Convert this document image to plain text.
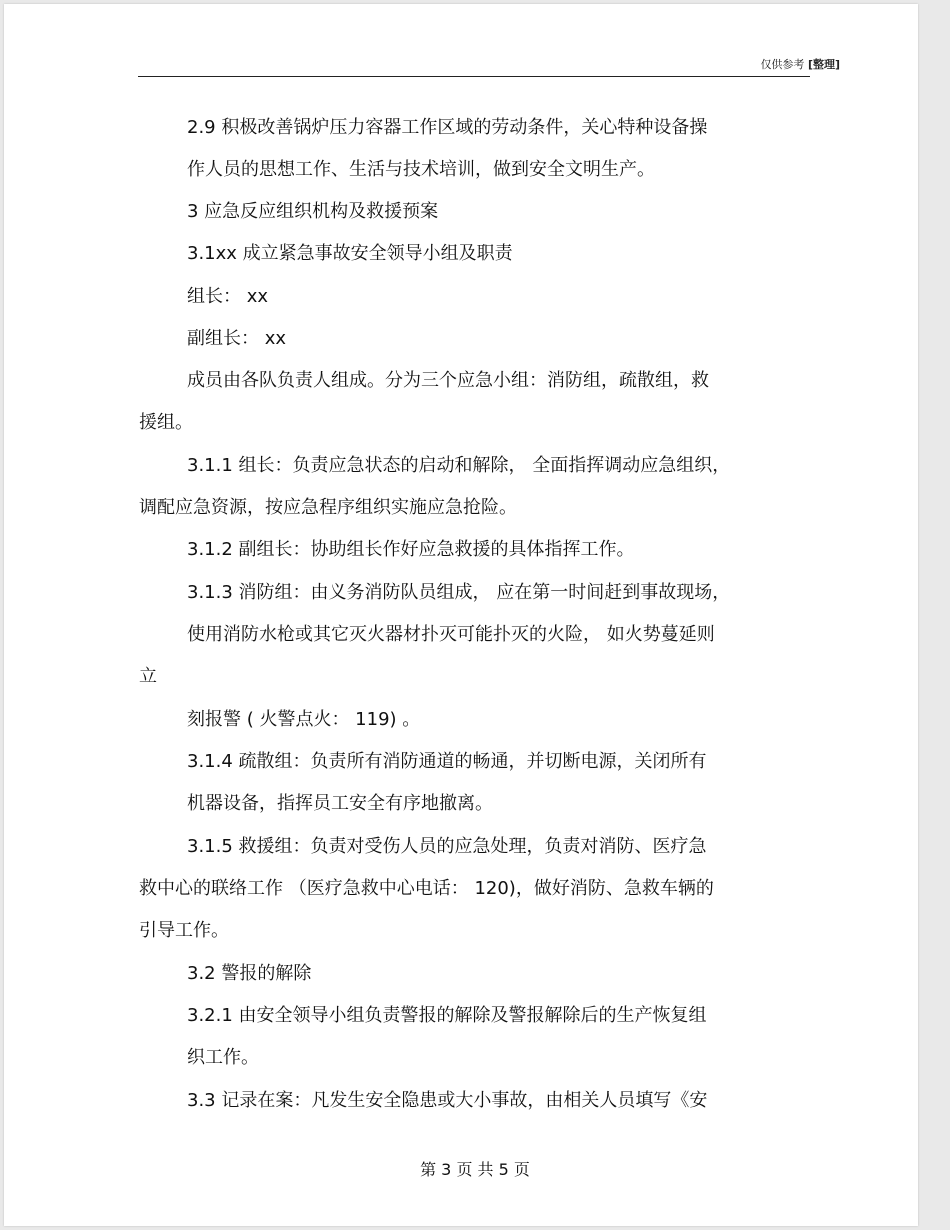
仅供参考 [整理]
2.9 积极改善锅炉压力容器工作区域的劳动条件，关心特种设备操
作人员的思想工作、生活与技术培训，做到安全文明生产。
3 应急反应组织机构及救援预案
3.1xx 成立紧急事故安全领导小组及职责
组长： xx
副组长： xx
成员由各队负责人组成。分为三个应急小组：消防组，疏散组，救
援组。
3.1.1 组长：负责应急状态的启动和解除， 全面指挥调动应急组织，
调配应急资源，按应急程序组织实施应急抢险。
3.1.2 副组长：协助组长作好应急救援的具体指挥工作。
3.1.3 消防组：由义务消防队员组成， 应在第一时间赶到事故现场，
使用消防水枪或其它灭火器材扑灭可能扑灭的火险， 如火势蔓延则
立
刻报警 ( 火警点火： 119) 。
3.1.4 疏散组：负责所有消防通道的畅通，并切断电源，关闭所有
机器设备，指挥员工安全有序地撤离。
3.1.5 救援组：负责对受伤人员的应急处理，负责对消防、医疗急
救中心的联络工作 （医疗急救中心电话： 120)，做好消防、急救车辆的
引导工作。
3.2 警报的解除
3.2.1 由安全领导小组负责警报的解除及警报解除后的生产恢复组
织工作。
3.3 记录在案：凡发生安全隐患或大小事故，由相关人员填写《安
第 3 页 共 5 页
